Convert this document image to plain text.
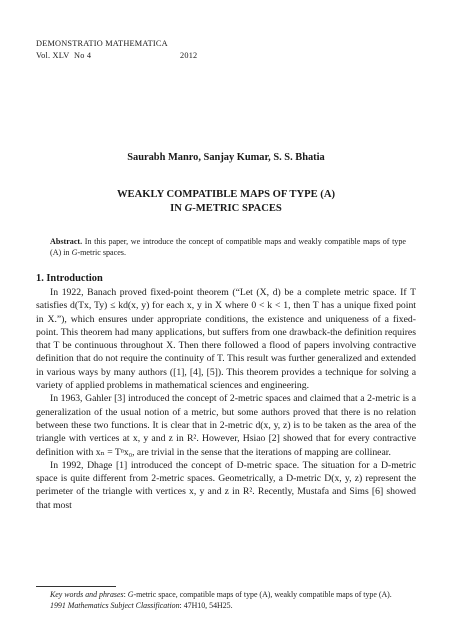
DEMONSTRATIO MATHEMATICA
Vol. XLV No 4	2012
Saurabh Manro, Sanjay Kumar, S. S. Bhatia
WEAKLY COMPATIBLE MAPS OF TYPE (A)
IN G-METRIC SPACES
Abstract. In this paper, we introduce the concept of compatible maps and weakly compatible maps of type (A) in G-metric spaces.
1. Introduction

In 1922, Banach proved fixed-point theorem (“Let (X, d) be a complete metric space. If T satisfies d(Tx, Ty) ≤ kd(x, y) for each x, y in X where 0 < k < 1, then T has a unique fixed point in X.”), which ensures under appropriate conditions, the existence and uniqueness of a fixed-point. This theorem had many applications, but suffers from one drawback-the definition requires that T be continuous throughout X. Then there followed a flood of papers involving contractive definition that do not require the continuity of T. This result was further generalized and extended in various ways by many authors ([1], [4], [5]). This theorem provides a technique for solving a variety of applied problems in mathematical sciences and engineering.

In 1963, Gahler [3] introduced the concept of 2-metric spaces and claimed that a 2-metric is a generalization of the usual notion of a metric, but some authors proved that there is no relation between these two functions. It is clear that in 2-metric d(x, y, z) is to be taken as the area of the triangle with vertices at x, y and z in R². However, Hsiao [2] showed that for every contractive definition with xₙ = Tⁿx₀, are trivial in the sense that the iterations of mapping are collinear.

In 1992, Dhage [1] introduced the concept of D-metric space. The situation for a D-metric space is quite different from 2-metric spaces. Geometrically, a D-metric D(x, y, z) represent the perimeter of the triangle with vertices x, y and z in R². Recently, Mustafa and Sims [6] showed that most

Key words and phrases: G-metric space, compatible maps of type (A), weakly compatible maps of type (A).
1991 Mathematics Subject Classification: 47H10, 54H25.
